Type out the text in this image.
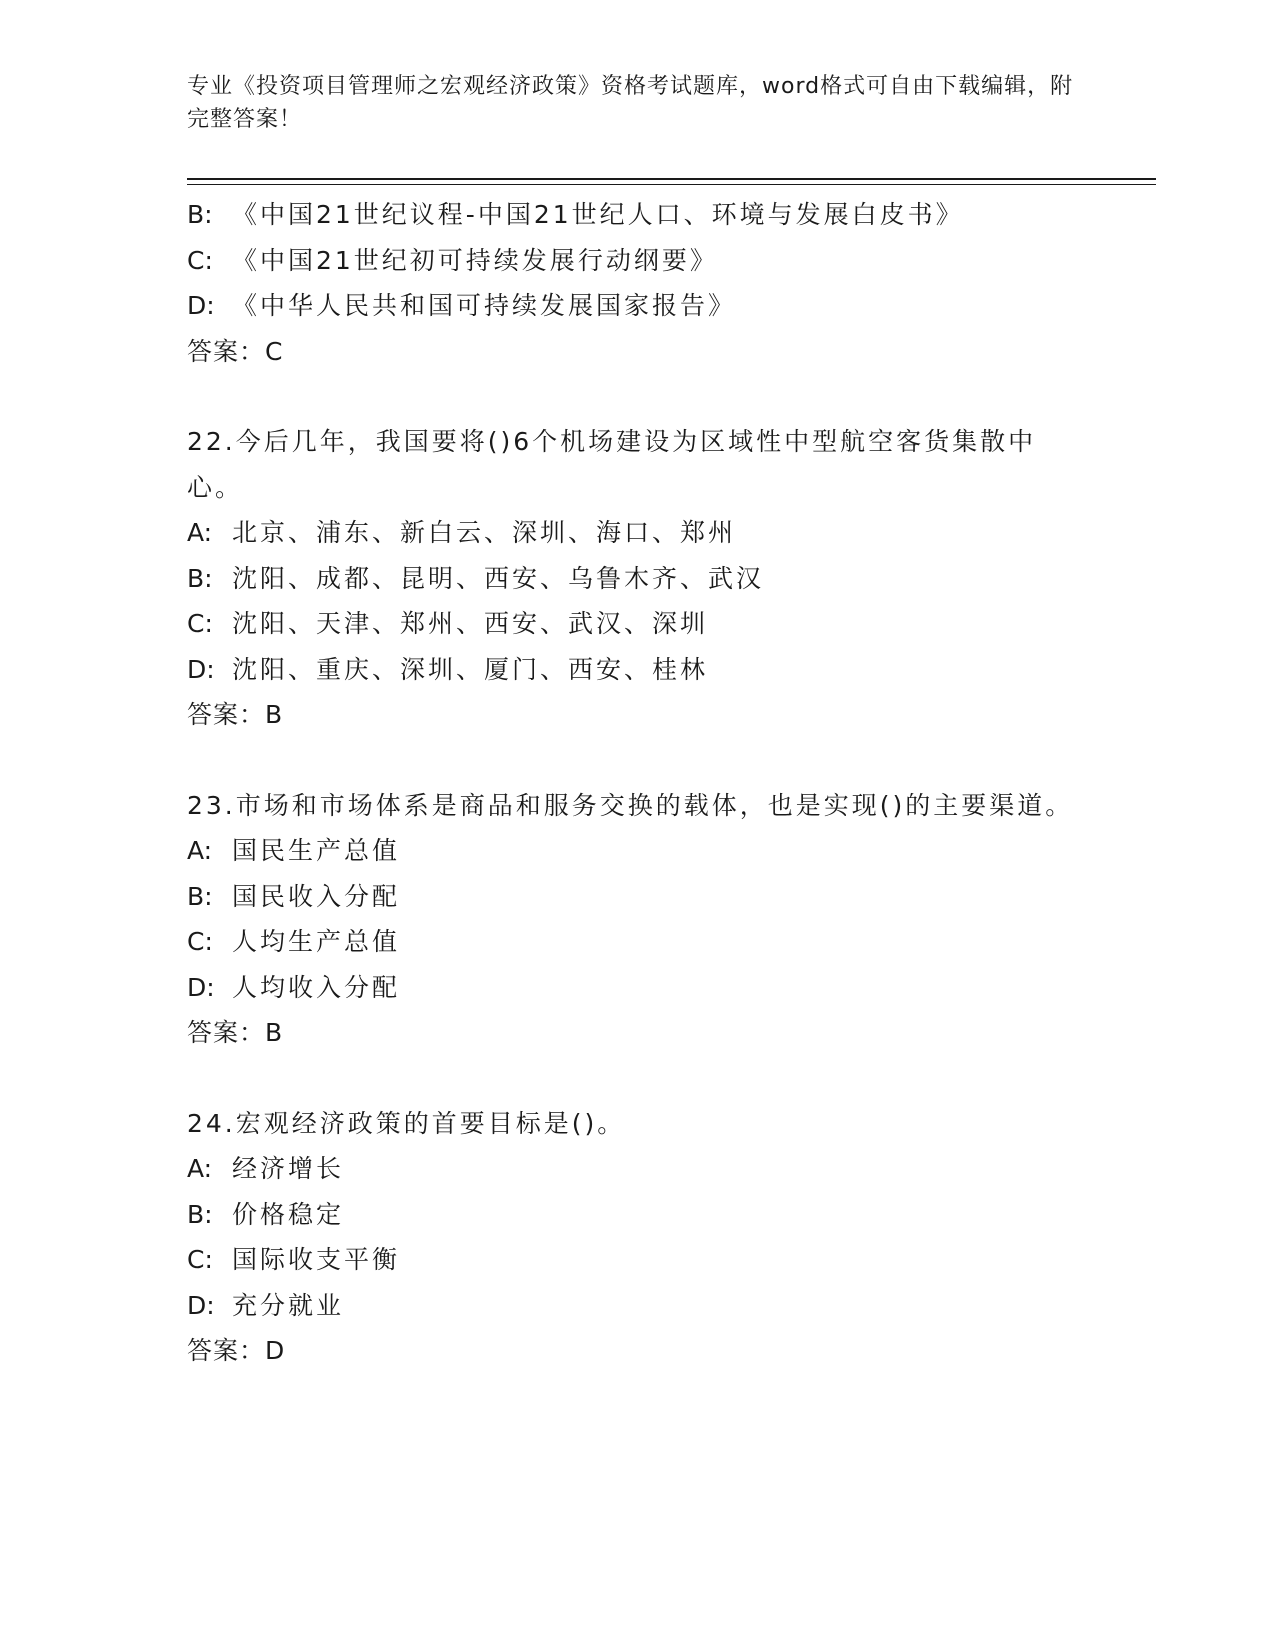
专业《投资项目管理师之宏观经济政策》资格考试题库，word格式可自由下载编辑，附完整答案！

B: 《中国21世纪议程-中国21世纪人口、环境与发展白皮书》
C: 《中国21世纪初可持续发展行动纲要》
D: 《中华人民共和国可持续发展国家报告》
答案：C
22.今后几年，我国要将()6个机场建设为区域性中型航空客货集散中心。
A: 北京、浦东、新白云、深圳、海口、郑州
B: 沈阳、成都、昆明、西安、乌鲁木齐、武汉
C: 沈阳、天津、郑州、西安、武汉、深圳
D: 沈阳、重庆、深圳、厦门、西安、桂林
答案：B
23.市场和市场体系是商品和服务交换的载体，也是实现()的主要渠道。
A: 国民生产总值
B: 国民收入分配
C: 人均生产总值
D: 人均收入分配
答案：B
24.宏观经济政策的首要目标是()。
A: 经济增长
B: 价格稳定
C: 国际收支平衡
D: 充分就业
答案：D
